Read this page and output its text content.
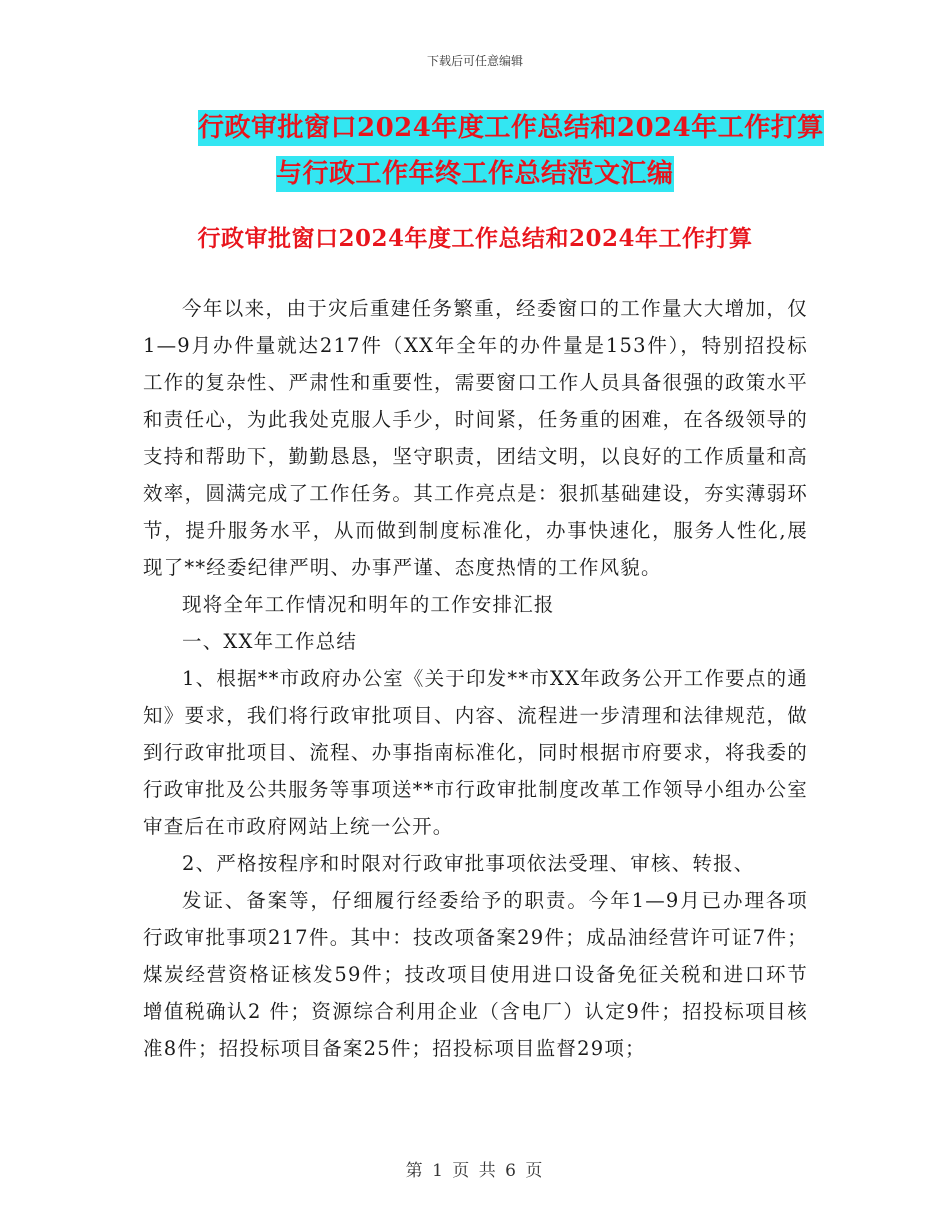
下载后可任意编辑
行政审批窗口2024年度工作总结和2024年工作打算
与行政工作年终工作总结范文汇编
行政审批窗口2024年度工作总结和2024年工作打算

今年以来，由于灾后重建任务繁重，经委窗口的工作量大大增加，仅1—9月办件量就达217件（XX年全年的办件量是153件），特别招投标工作的复杂性、严肃性和重要性，需要窗口工作人员具备很强的政策水平和责任心，为此我处克服人手少，时间紧，任务重的困难，在各级领导的支持和帮助下，勤勤恳恳，坚守职责，团结文明，以良好的工作质量和高效率，圆满完成了工作任务。其工作亮点是：狠抓基础建设，夯实薄弱环节，提升服务水平，从而做到制度标准化，办事快速化，服务人性化,展现了**经委纪律严明、办事严谨、态度热情的工作风貌。

现将全年工作情况和明年的工作安排汇报

一、XX年工作总结

1、根据**市政府办公室《关于印发**市XX年政务公开工作要点的通知》要求，我们将行政审批项目、内容、流程进一步清理和法律规范，做到行政审批项目、流程、办事指南标准化，同时根据市府要求，将我委的行政审批及公共服务等事项送**市行政审批制度改革工作领导小组办公室审查后在市政府网站上统一公开。

2、严格按程序和时限对行政审批事项依法受理、审核、转报、

发证、备案等，仔细履行经委给予的职责。今年1—9月已办理各项行政审批事项217件。其中：技改项备案29件；成品油经营许可证7件；煤炭经营资格证核发59件；技改项目使用进口设备免征关税和进口环节增值税确认2 件；资源综合利用企业（含电厂）认定9件；招投标项目核准8件；招投标项目备案25件；招投标项目监督29项；

第 1 页 共 6 页
